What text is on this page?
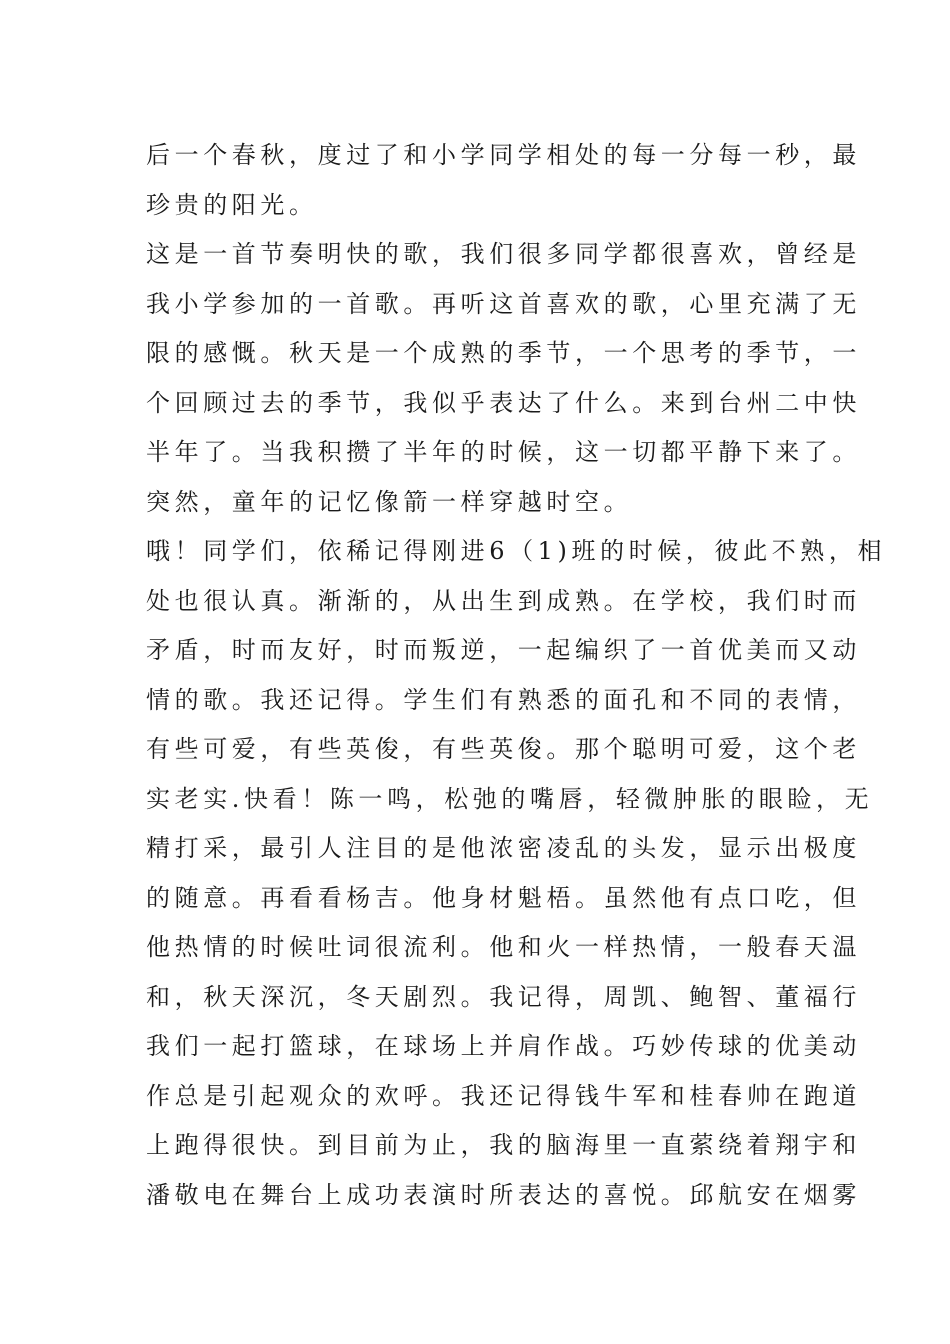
后一个春秋，度过了和小学同学相处的每一分每一秒，最
珍贵的阳光。
这是一首节奏明快的歌，我们很多同学都很喜欢，曾经是
我小学参加的一首歌。再听这首喜欢的歌，心里充满了无
限的感慨。秋天是一个成熟的季节，一个思考的季节，一
个回顾过去的季节，我似乎表达了什么。来到台州二中快
半年了。当我积攒了半年的时候，这一切都平静下来了。
突然，童年的记忆像箭一样穿越时空。
哦！同学们，依稀记得刚进6（1)班的时候，彼此不熟，相
处也很认真。渐渐的，从出生到成熟。在学校，我们时而
矛盾，时而友好，时而叛逆，一起编织了一首优美而又动
情的歌。我还记得。学生们有熟悉的面孔和不同的表情，
有些可爱，有些英俊，有些英俊。那个聪明可爱，这个老
实老实.快看！陈一鸣，松弛的嘴唇，轻微肿胀的眼睑，无
精打采，最引人注目的是他浓密凌乱的头发，显示出极度
的随意。再看看杨吉。他身材魁梧。虽然他有点口吃，但
他热情的时候吐词很流利。他和火一样热情，一般春天温
和，秋天深沉，冬天剧烈。我记得，周凯、鲍智、董福行
我们一起打篮球，在球场上并肩作战。巧妙传球的优美动
作总是引起观众的欢呼。我还记得钱牛军和桂春帅在跑道
上跑得很快。到目前为止，我的脑海里一直萦绕着翔宇和
潘敬电在舞台上成功表演时所表达的喜悦。邱航安在烟雾
